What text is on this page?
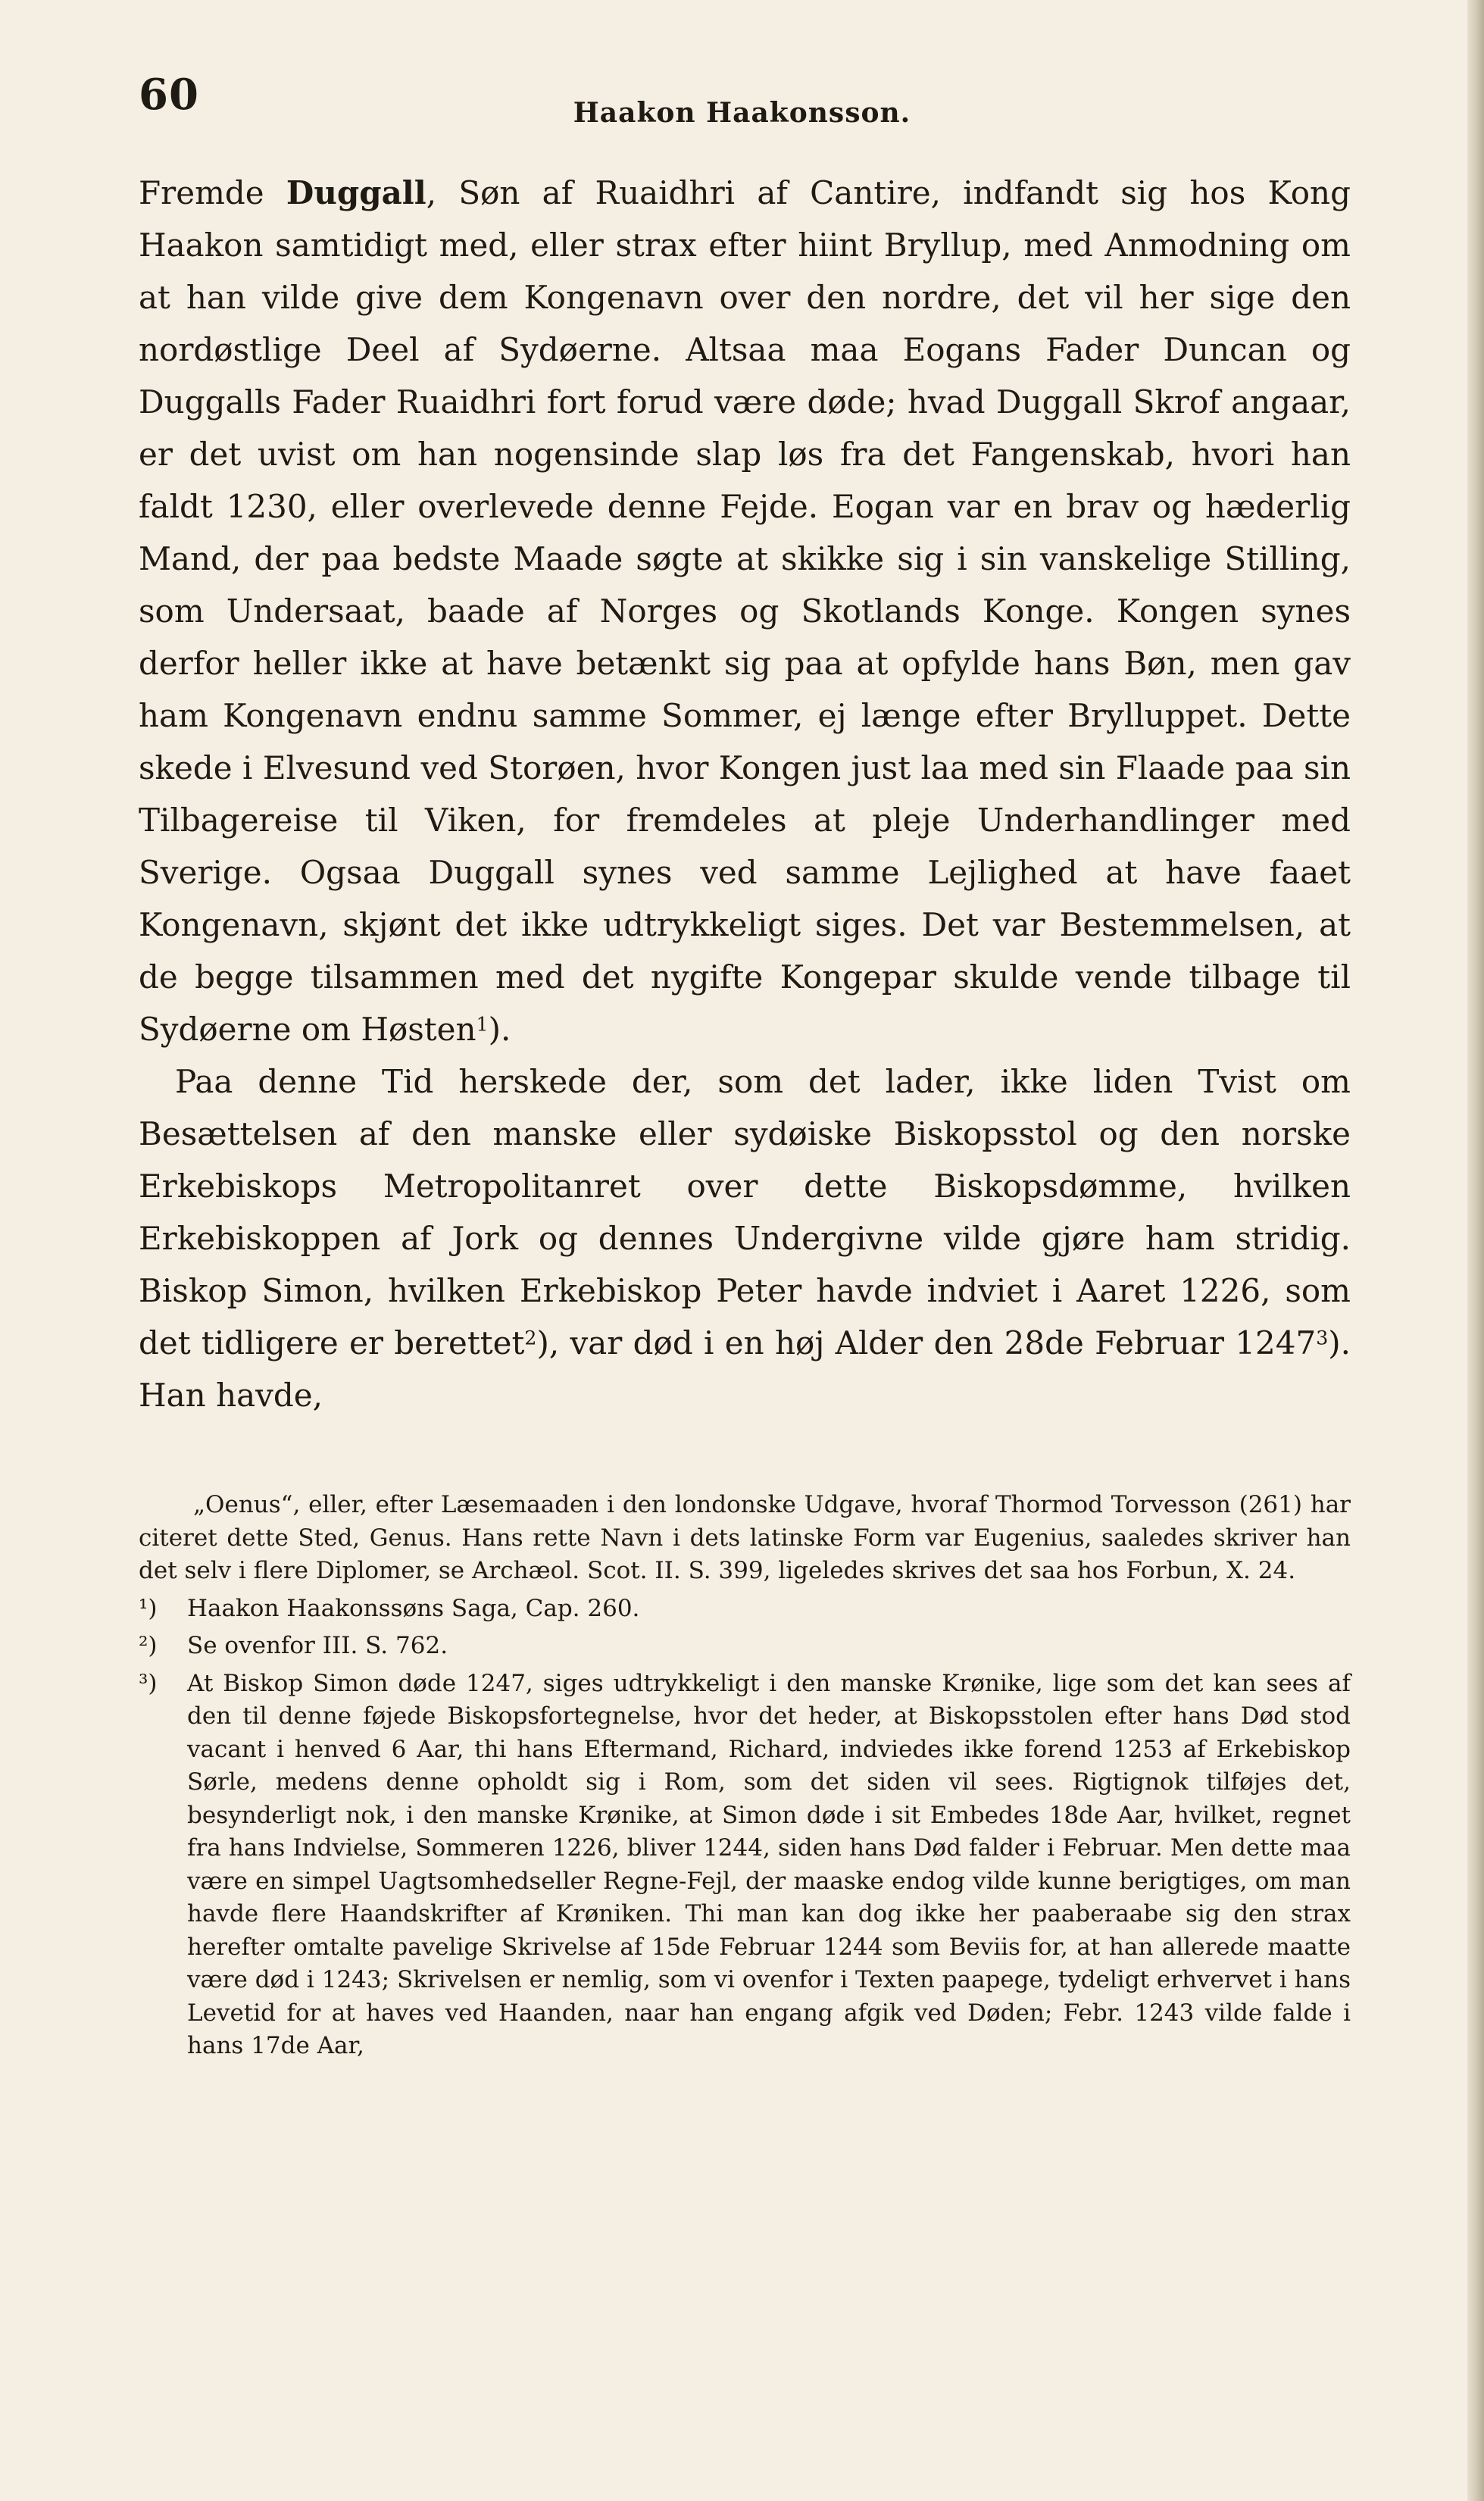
60	Haakon Haakonsson.

Fremde Duggall, Søn af Ruaidhri af Cantire, indfandt sig hos Kong Haakon samtidigt med, eller strax efter hiint Bryllup, med Anmodning om at han vilde give dem Kongenavn over den nordre, det vil her sige den nordøstlige Deel af Sydøerne. Altsaa maa Eogans Fader Duncan og Duggalls Fader Ruaidhri fort forud være døde; hvad Duggall Skrof angaar, er det uvist om han nogensinde slap løs fra det Fangenskab, hvori han faldt 1230, eller overlevede denne Fejde. Eogan var en brav og hæderlig Mand, der paa bedste Maade søgte at skikke sig i sin vanskelige Stilling, som Undersaat, baade af Norges og Skotlands Konge. Kongen synes derfor heller ikke at have betænkt sig paa at opfylde hans Bøn, men gav ham Kongenavn endnu samme Sommer, ej længe efter Brylluppet. Dette skede i Elvesund ved Storøen, hvor Kongen just laa med sin Flaade paa sin Tilbagereise til Viken, for fremdeles at pleje Underhandlinger med Sverige. Ogsaa Duggall synes ved samme Lejlighed at have faaet Kongenavn, skjønt det ikke udtrykkeligt siges. Det var Bestemmelsen, at de begge tilsammen med det nygifte Kongepar skulde vende tilbage til Sydøerne om Høsten$^1$).

Paa denne Tid herskede der, som det lader, ikke liden Tvist om Besættelsen af den manske eller sydøiske Biskopsstol og den norske Erkebiskops Metropolitanret over dette Biskopsdømme, hvilken Erkebiskoppen af Jork og dennes Undergivne vilde gjøre ham stridig. Biskop Simon, hvilken Erkebiskop Peter havde indviet i Aaret 1226, som det tidligere er berettet$^2$), var død i en høj Alder den 28de Februar 1247$^3$). Han havde,

„Oenus“, eller, efter Læsemaaden i den londonske Udgave, hvoraf Thormod Torvesson (261) har citeret dette Sted, Genus. Hans rette Navn i dets latinske Form var Eugenius, saaledes skriver han det selv i flere Diplomer, se Archæol. Scot. II. S. 399, ligeledes skrives det saa hos Forbun, X. 24.

¹)	Haakon Haakonssøns Saga, Cap. 260.
²)	Se ovenfor III. S. 762.
³)	At Biskop Simon døde 1247, siges udtrykkeligt i den manske Krønike, lige som det kan sees af den til denne føjede Biskopsfortegnelse, hvor det heder, at Biskopsstolen efter hans Død stod vacant i henved 6 Aar, thi hans Eftermand, Richard, indviedes ikke forend 1253 af Erkebiskop Sørle, medens denne opholdt sig i Rom, som det siden vil sees. Rigtignok tilføjes det, besynderligt nok, i den manske Krønike, at Simon døde i sit Embedes 18de Aar, hvilket, regnet fra hans Indvielse, Sommeren 1226, bliver 1244, siden hans Død falder i Februar. Men dette maa være en simpel Uagtsomhedseller Regne-Fejl, der maaske endog vilde kunne berigtiges, om man havde flere Haandskrifter af Krøniken. Thi man kan dog ikke her paaberaabe sig den strax herefter omtalte pavelige Skrivelse af 15de Februar 1244 som Beviis for, at han allerede maatte være død i 1243; Skrivelsen er nemlig, som vi ovenfor i Texten paapege, tydeligt erhvervet i hans Levetid for at haves ved Haanden, naar han engang afgik ved Døden; Febr. 1243 vilde falde i hans 17de Aar,
